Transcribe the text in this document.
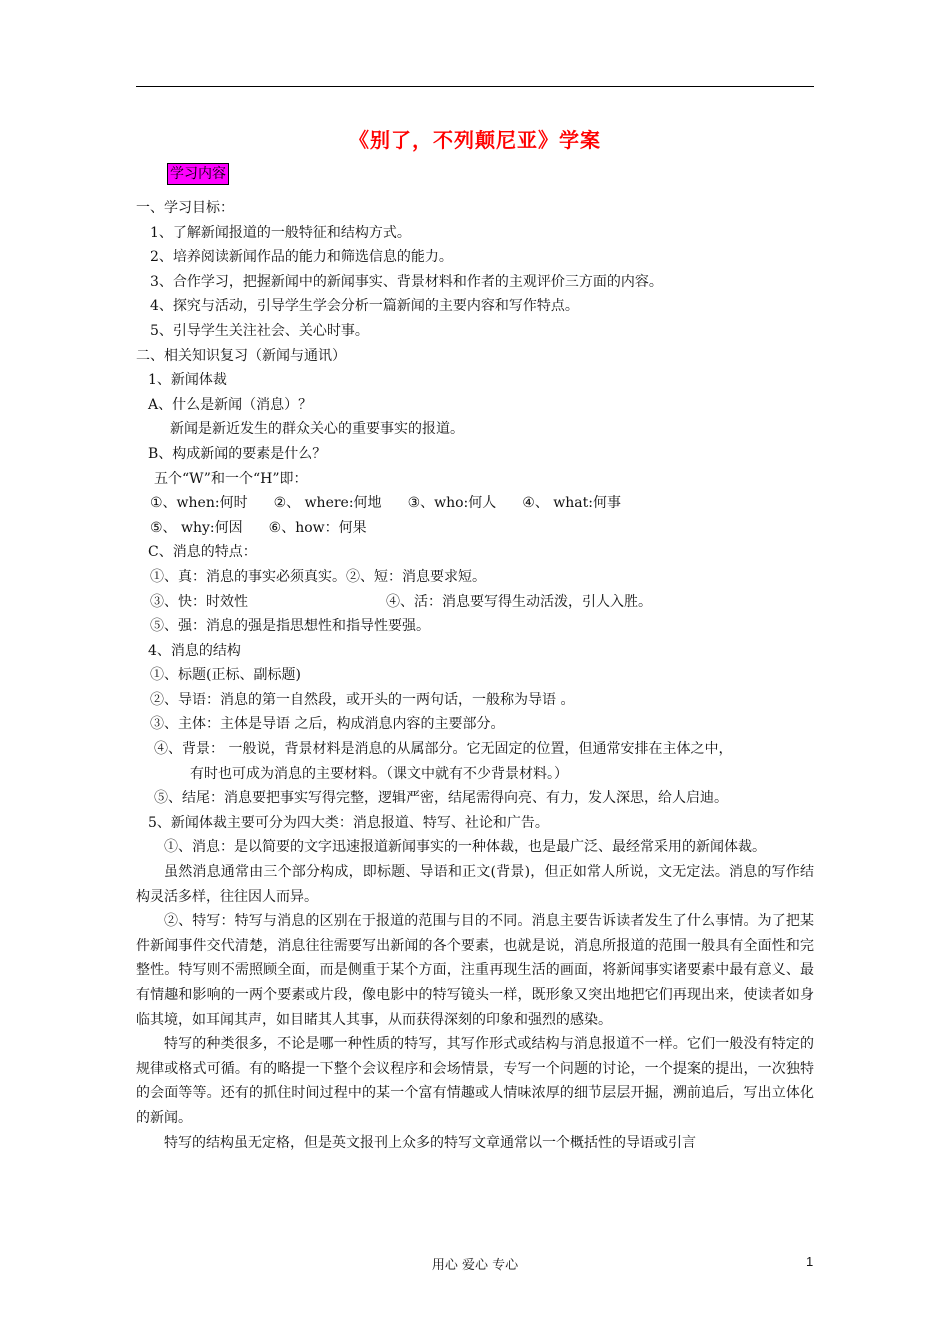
《别了，不列颠尼亚》学案
学习内容
一、学习目标：
1、了解新闻报道的一般特征和结构方式。
2、培养阅读新闻作品的能力和筛选信息的能力。
3、合作学习，把握新闻中的新闻事实、背景材料和作者的主观评价三方面的内容。
4、探究与活动，引导学生学会分析一篇新闻的主要内容和写作特点。
5、引导学生关注社会、关心时事。
二、相关知识复习（新闻与通讯）
1、新闻体裁
A、什么是新闻（消息）？
新闻是新近发生的群众关心的重要事实的报道。
B、构成新闻的要素是什么？
五个“W”和一个“H”即：
①、when:何时 ②、 where:何地 ③、who:何人 ④、 what:何事
⑤、 why:何因 ⑥、how：何果
C、消息的特点：
①、真：消息的事实必须真实。②、短：消息要求短。
③、快：时效性	④、活：消息要写得生动活泼，引人入胜。
⑤、强：消息的强是指思想性和指导性要强。
4、消息的结构
①、标题(正标、副标题)
②、导语：消息的第一自然段，或开头的一两句话，一般称为导语 。
③、主体：主体是导语 之后，构成消息内容的主要部分。
④、背景： 一般说，背景材料是消息的从属部分。它无固定的位置，但通常安排在主体之中，
有时也可成为消息的主要材料。（课文中就有不少背景材料。）
⑤、结尾：消息要把事实写得完整，逻辑严密，结尾需得向亮、有力，发人深思，给人启迪。
5、新闻体裁主要可分为四大类：消息报道、特写、社论和广告。

①、消息：是以简要的文字迅速报道新闻事实的一种体裁，也是最广泛、最经常采用的新闻体裁。

虽然消息通常由三个部分构成，即标题、导语和正文(背景)，但正如常人所说，文无定法。消息的写作结构灵活多样，往往因人而异。

②、特写：特写与消息的区别在于报道的范围与目的不同。消息主要告诉读者发生了什么事情。为了把某件新闻事件交代清楚，消息往往需要写出新闻的各个要素，也就是说，消息所报道的范围一般具有全面性和完整性。特写则不需照顾全面，而是侧重于某个方面，注重再现生活的画面，将新闻事实诸要素中最有意义、最有情趣和影响的一两个要素或片段，像电影中的特写镜头一样，既形象又突出地把它们再现出来，使读者如身临其境，如耳闻其声，如目睹其人其事，从而获得深刻的印象和强烈的感染。

特写的种类很多，不论是哪一种性质的特写，其写作形式或结构与消息报道不一样。它们一般没有特定的规律或格式可循。有的略提一下整个会议程序和会场情景，专写一个问题的讨论，一个提案的提出，一次独特的会面等等。还有的抓住时间过程中的某一个富有情趣或人情味浓厚的细节层层开掘，溯前追后，写出立体化的新闻。

特写的结构虽无定格，但是英文报刊上众多的特写文章通常以一个概括性的导语或引言

用心 爱心 专心	1
